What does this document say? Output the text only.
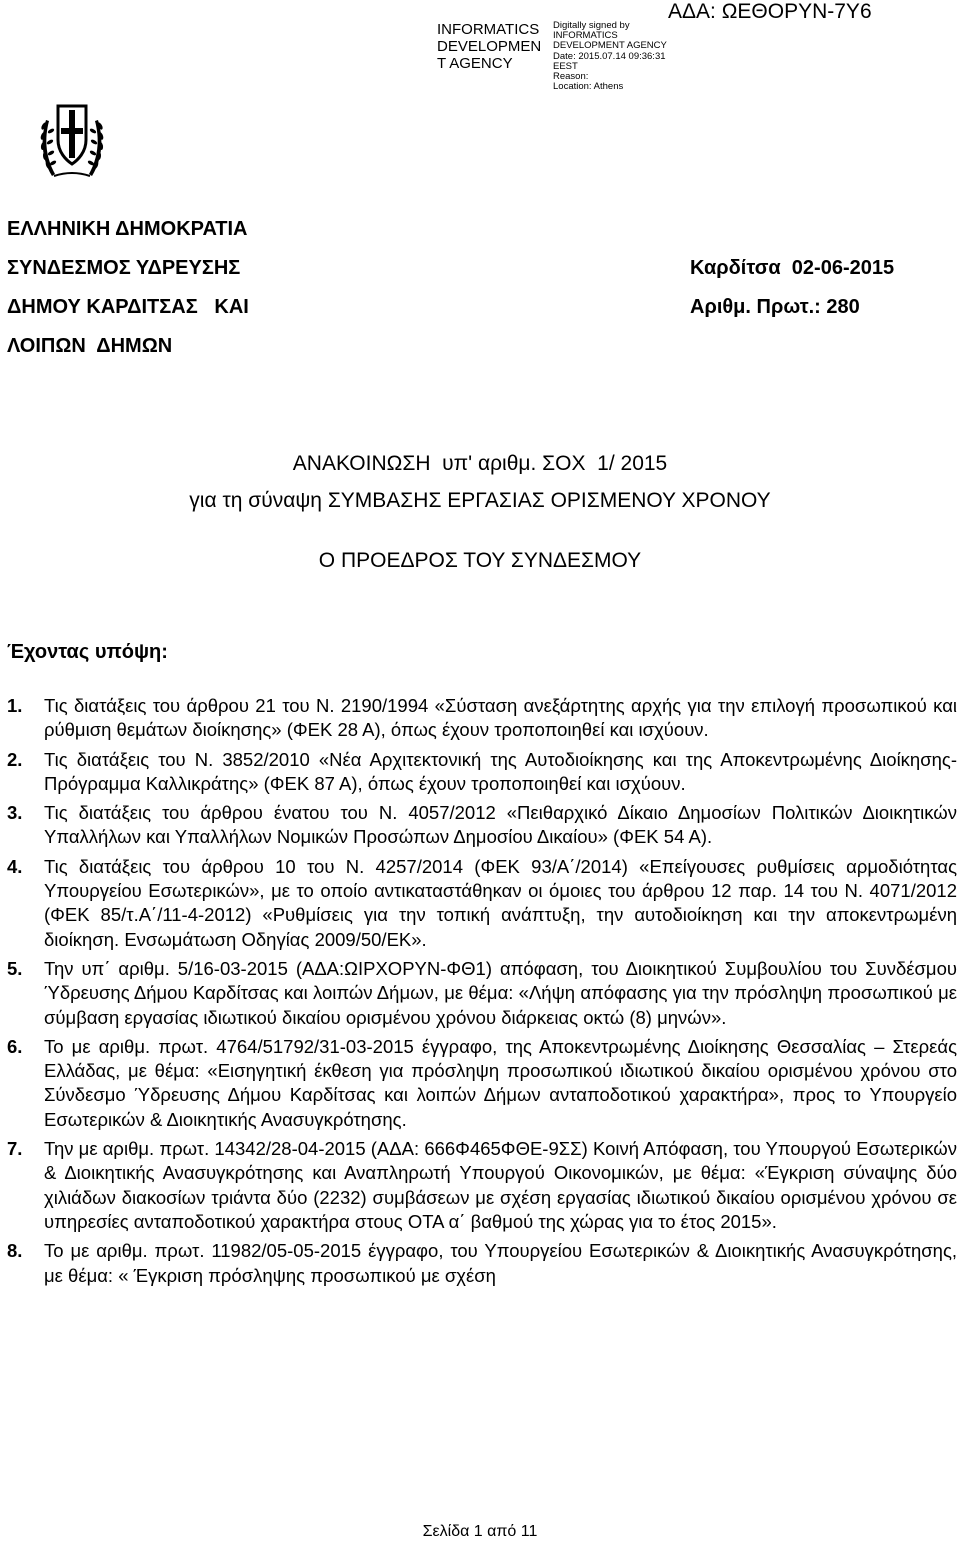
INFORMATICS
DEVELOPMEN
T AGENCY
Digitally signed by
INFORMATICS
DEVELOPMENT AGENCY
Date: 2015.07.14 09:36:31
EEST
Reason:
Location: Athens
ΑΔΑ: ΩΕΘΟΡΥΝ-7Υ6
ΕΛΛΗΝΙΚΗ ΔΗΜΟΚΡΑΤΙΑ
ΣΥΝΔΕΣΜΟΣ ΥΔΡΕΥΣΗΣ
ΔΗΜΟΥ ΚΑΡΔΙΤΣΑΣ   ΚΑΙ
ΛΟΙΠΩΝ  ΔΗΜΩΝ
Καρδίτσα  02-06-2015
Αριθμ. Πρωτ.: 280
ΑΝΑΚΟΙΝΩΣΗ  υπ' αριθμ. ΣΟΧ  1/ 2015
για τη σύναψη ΣΥΜΒΑΣΗΣ ΕΡΓΑΣΙΑΣ ΟΡΙΣΜΕΝΟΥ ΧΡΟΝΟΥ
Ο ΠΡΟΕΔΡΟΣ ΤΟΥ ΣΥΝΔΕΣΜΟΥ
Έχοντας υπόψη:
1. Τις διατάξεις του άρθρου 21 του Ν. 2190/1994 «Σύσταση ανεξάρτητης αρχής για την επιλογή προσωπικού και ρύθμιση θεμάτων διοίκησης» (ΦΕΚ 28 Α), όπως έχουν τροποποιηθεί και ισχύουν.
2. Τις διατάξεις του Ν. 3852/2010 «Νέα Αρχιτεκτονική της Αυτοδιοίκησης και της Αποκεντρωμένης Διοίκησης-Πρόγραμμα Καλλικράτης» (ΦΕΚ 87 Α), όπως έχουν τροποποιηθεί και ισχύουν.
3. Τις διατάξεις του άρθρου ένατου του Ν. 4057/2012 «Πειθαρχικό Δίκαιο Δημοσίων Πολιτικών Διοικητικών Υπαλλήλων και Υπαλλήλων Νομικών Προσώπων Δημοσίου Δικαίου» (ΦΕΚ 54 Α).
4. Τις διατάξεις του άρθρου 10 του Ν. 4257/2014 (ΦΕΚ 93/Α΄/2014) «Επείγουσες ρυθμίσεις αρμοδιότητας Υπουργείου Εσωτερικών», με το οποίο αντικαταστάθηκαν οι όμοιες του άρθρου 12 παρ. 14 του Ν. 4071/2012 (ΦΕΚ 85/τ.Α΄/11-4-2012) «Ρυθμίσεις για την τοπική ανάπτυξη, την αυτοδιοίκηση και την αποκεντρωμένη διοίκηση. Ενσωμάτωση Οδηγίας 2009/50/ΕΚ».
5. Την υπ΄ αριθμ. 5/16-03-2015 (ΑΔΑ:ΩΙΡΧΟΡΥΝ-ΦΘ1) απόφαση, του Διοικητικού Συμβουλίου του Συνδέσμου Ύδρευσης Δήμου Καρδίτσας και λοιπών Δήμων, με θέμα: «Λήψη απόφασης για την πρόσληψη προσωπικού με σύμβαση εργασίας ιδιωτικού δικαίου ορισμένου χρόνου διάρκειας οκτώ (8) μηνών».
6. Το με αριθμ. πρωτ. 4764/51792/31-03-2015 έγγραφο, της Αποκεντρωμένης Διοίκησης Θεσσαλίας – Στερεάς Ελλάδας, με θέμα: «Εισηγητική έκθεση για πρόσληψη προσωπικού ιδιωτικού δικαίου ορισμένου χρόνου στο Σύνδεσμο Ύδρευσης Δήμου Καρδίτσας και λοιπών Δήμων ανταποδοτικού χαρακτήρα», προς το Υπουργείο Εσωτερικών & Διοικητικής Ανασυγκρότησης.
7. Την με αριθμ. πρωτ. 14342/28-04-2015 (ΑΔΑ: 666Φ465ΦΘΕ-9ΣΣ) Κοινή Απόφαση, του Υπουργού Εσωτερικών & Διοικητικής Ανασυγκρότησης και Αναπληρωτή Υπουργού Οικονομικών, με θέμα: «Έγκριση σύναψης δύο χιλιάδων διακοσίων τριάντα δύο (2232) συμβάσεων με σχέση εργασίας ιδιωτικού δικαίου ορισμένου χρόνου σε υπηρεσίες ανταποδοτικού χαρακτήρα στους ΟΤΑ α΄ βαθμού της χώρας για το έτος 2015».
8. Το με αριθμ. πρωτ. 11982/05-05-2015 έγγραφο, του Υπουργείου Εσωτερικών & Διοικητικής Ανασυγκρότησης, με θέμα: « Έγκριση πρόσληψης προσωπικού με σχέση
Σελίδα 1 από 11
